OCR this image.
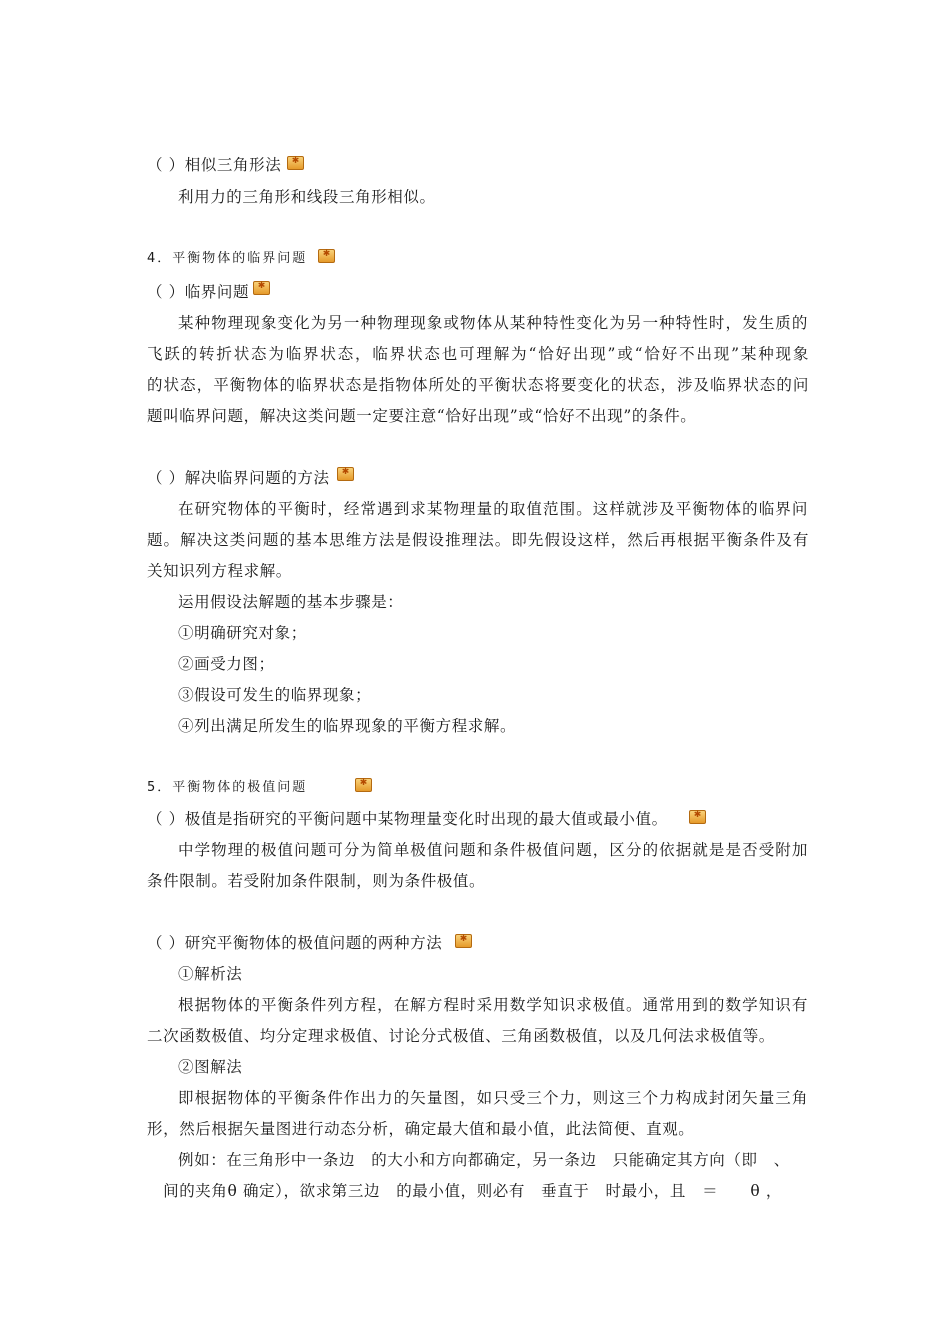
（ ）相似三角形法
✱
利用力的三角形和线段三角形相似。
4．平衡物体的临界问题
✱
（ ）临界问题
✱
某种物理现象变化为另一种物理现象或物体从某种特性变化为另一种特性时，发生质的
飞跃的转折状态为临界状态，临界状态也可理解为“恰好出现”或“恰好不出现”某种现象
的状态，平衡物体的临界状态是指物体所处的平衡状态将要变化的状态，涉及临界状态的问
题叫临界问题，解决这类问题一定要注意“恰好出现”或“恰好不出现”的条件。
（ ）解决临界问题的方法
✱
在研究物体的平衡时，经常遇到求某物理量的取值范围。这样就涉及平衡物体的临界问
题。解决这类问题的基本思维方法是假设推理法。即先假设这样，然后再根据平衡条件及有
关知识列方程求解。
运用假设法解题的基本步骤是：
①明确研究对象；
②画受力图；
③假设可发生的临界现象；
④列出满足所发生的临界现象的平衡方程求解。
5．平衡物体的极值问题
✱
（ ）极值是指研究的平衡问题中某物理量变化时出现的最大值或最小值。
✱
中学物理的极值问题可分为简单极值问题和条件极值问题，区分的依据就是是否受附加
条件限制。若受附加条件限制，则为条件极值。
（ ）研究平衡物体的极值问题的两种方法
✱
①解析法
根据物体的平衡条件列方程，在解方程时采用数学知识求极值。通常用到的数学知识有
二次函数极值、均分定理求极值、讨论分式极值、三角函数极值，以及几何法求极值等。
②图解法
即根据物体的平衡条件作出力的矢量图，如只受三个力，则这三个力构成封闭矢量三角
形，然后根据矢量图进行动态分析，确定最大值和最小值，此法简便、直观。
例如：在三角形中一条边　的大小和方向都确定，另一条边　只能确定其方向（即　、
　间的夹角θ 确定），欲求第三边　的最小值，则必有　垂直于　时最小，且　＝　　θ ，
